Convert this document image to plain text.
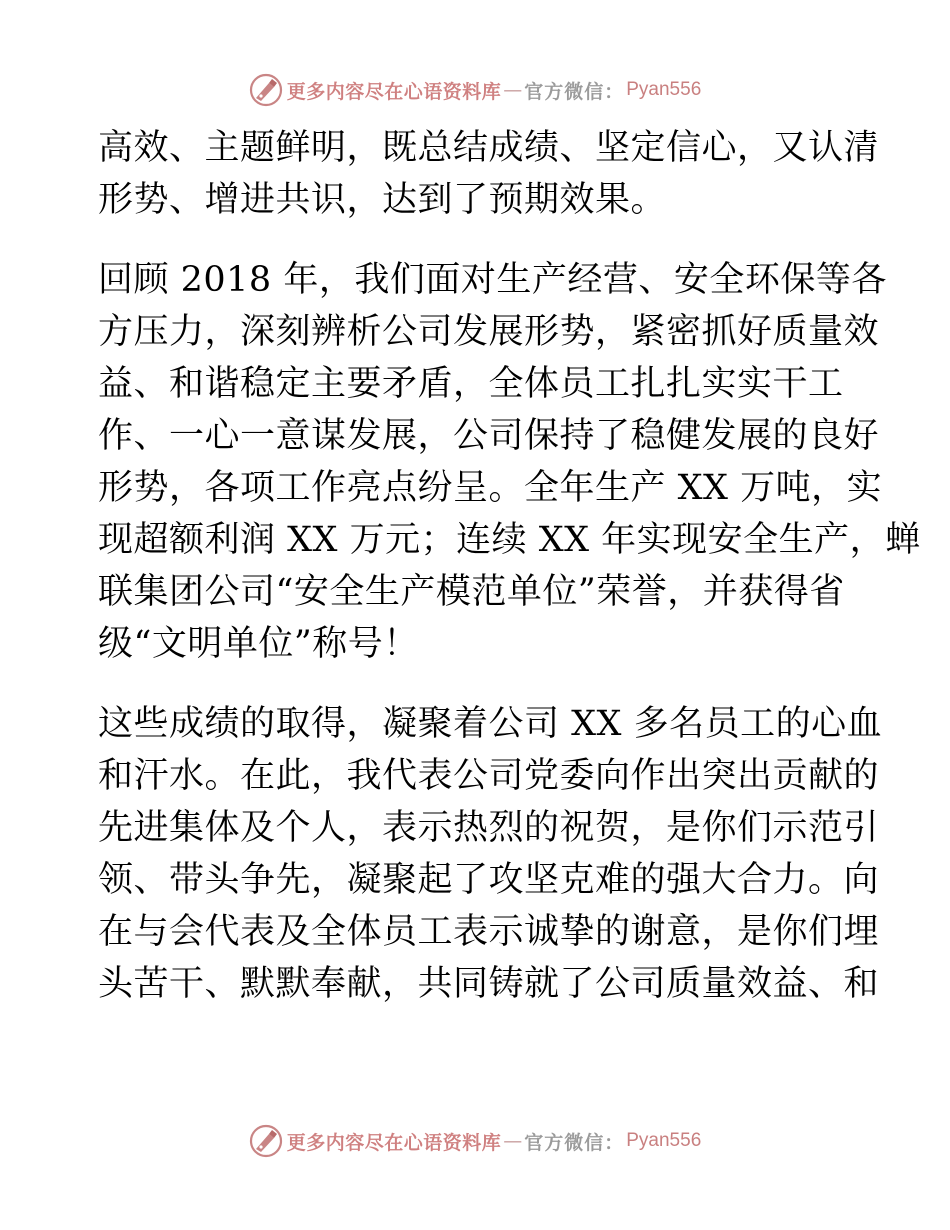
更多内容尽在心语资料库 — 官方微信： Pyan556
高效、主题鲜明，既总结成绩、坚定信心，又认清
形势、增进共识，达到了预期效果。
回顾 2018 年，我们面对生产经营、安全环保等各
方压力，深刻辨析公司发展形势，紧密抓好质量效
益、和谐稳定主要矛盾，全体员工扎扎实实干工
作、一心一意谋发展，公司保持了稳健发展的良好
形势，各项工作亮点纷呈。全年生产 XX 万吨，实
现超额利润 XX 万元；连续 XX 年实现安全生产，蝉
联集团公司“安全生产模范单位”荣誉，并获得省
级“文明单位”称号！
这些成绩的取得，凝聚着公司 XX 多名员工的心血
和汗水。在此，我代表公司党委向作出突出贡献的
先进集体及个人，表示热烈的祝贺，是你们示范引
领、带头争先，凝聚起了攻坚克难的强大合力。向
在与会代表及全体员工表示诚挚的谢意，是你们埋
头苦干、默默奉献，共同铸就了公司质量效益、和
更多内容尽在心语资料库 — 官方微信： Pyan556
